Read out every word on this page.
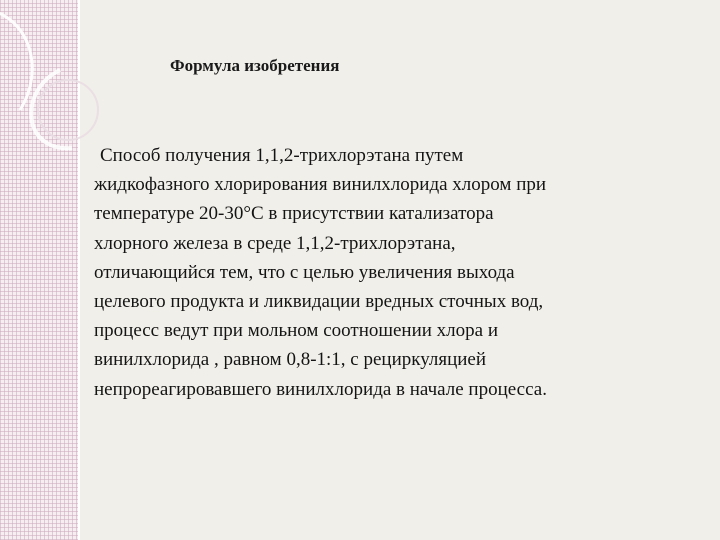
Формула изобретения

Способ получения 1,1,2-трихлорэтана путем
жидкофазного хлорирования винилхлорида хлором при
температуре 20-30°С в присутствии катализатора
хлорного железа в среде 1,1,2-трихлорэтана,
отличающийся тем, что с целью увеличения выхода
целевого продукта и ликвидации вредных сточных вод,
процесс ведут при мольном соотношении хлора и
винилхлорида , равном 0,8-1:1, с рециркуляцией
непрореагировавшего винилхлорида в начале процесса.
